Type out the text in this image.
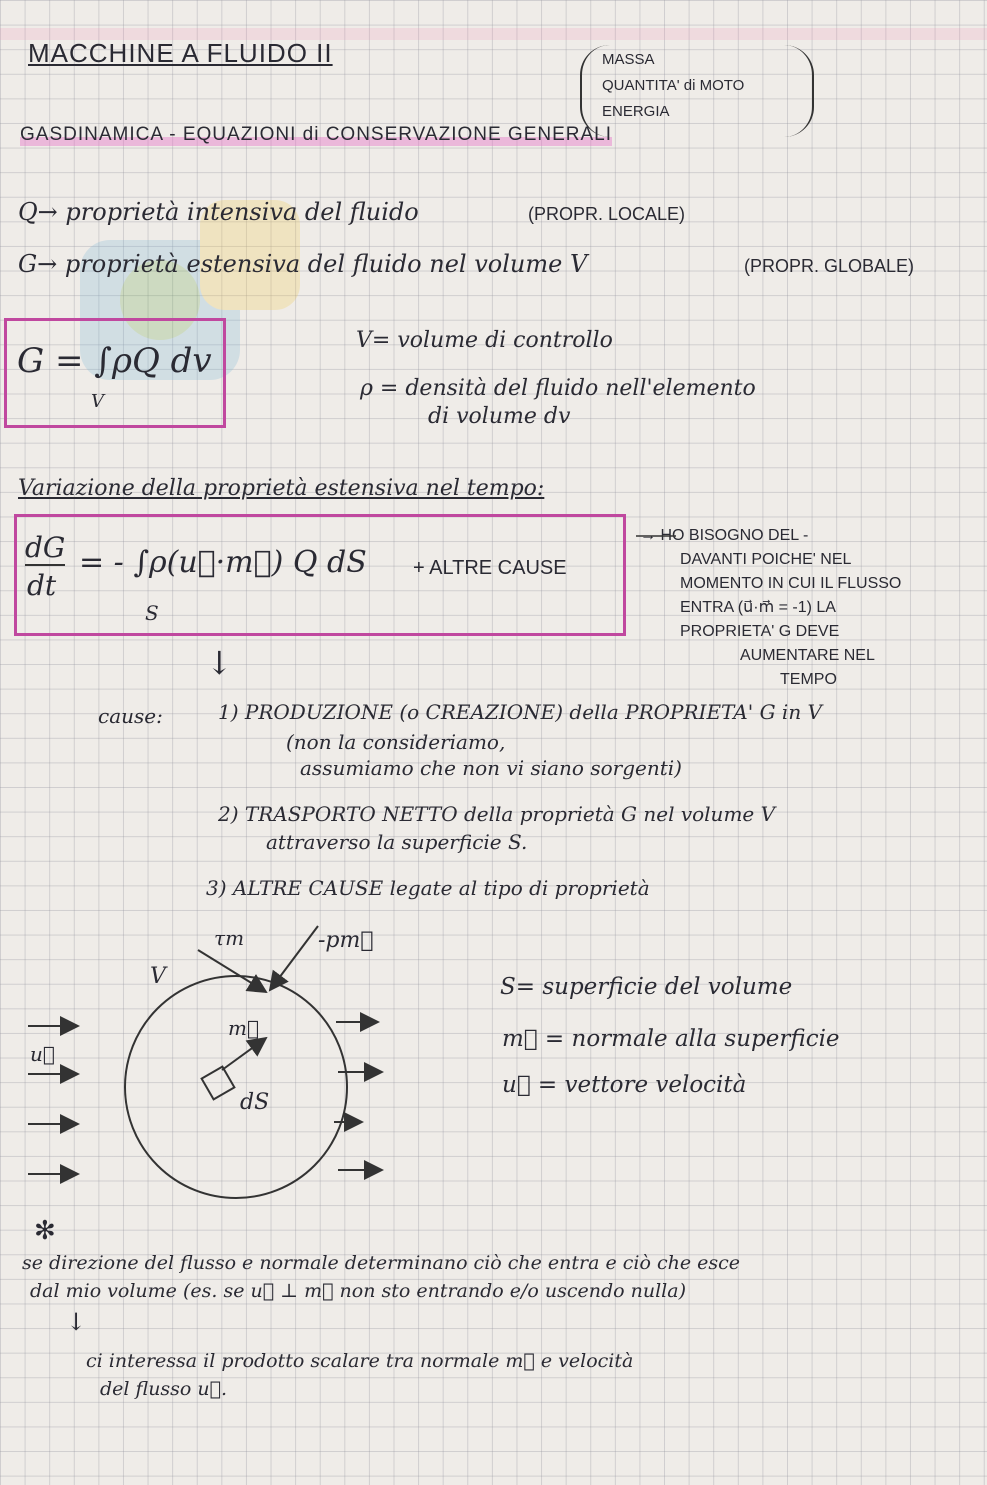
MACCHINE A FLUIDO II	MASSA
QUANTITA' di MOTO
ENERGIA
GASDINAMICA - EQUAZIONI di CONSERVAZIONE GENERALI
Q→ proprietà intensiva del fluido	(PROPR. LOCALE)
G→ proprietà estensiva del fluido nel volume V	(PROPR. GLOBALE)
G = ∫ρQ dv
V
V= volume di controllo
ρ = densità del fluido nell'elemento
di volume dv
Variazione della proprietà estensiva nel tempo:
dG
dt
= - ∫ρ(u⃗·m⃗) Q dS
S
+ ALTRE CAUSE
→ HO BISOGNO DEL -
DAVANTI POICHE' NEL
MOMENTO IN CUI IL FLUSSO
ENTRA (u⃗·m⃗ = -1) LA
PROPRIETA' G DEVE
AUMENTARE NEL
TEMPO
↓
cause:	1) PRODUZIONE (o CREAZIONE) della PROPRIETA' G in V
(non la consideriamo,
assumiamo che non vi siano sorgenti)
2) TRASPORTO NETTO della proprietà G nel volume V
attraverso la superficie S.
3) ALTRE CAUSE legate al tipo di proprietà
τm	-pm⃗
V
u⃗
m⃗
dS
S= superficie del volume
m⃗ = normale alla superficie
u⃗ = vettore velocità
✻
se direzione del flusso e normale determinano ciò che entra e ciò che esce
dal mio volume (es. se u⃗ ⊥ m⃗ non sto entrando e/o uscendo nulla)
↓
ci interessa il prodotto scalare tra normale m⃗ e velocità
del flusso u⃗.
